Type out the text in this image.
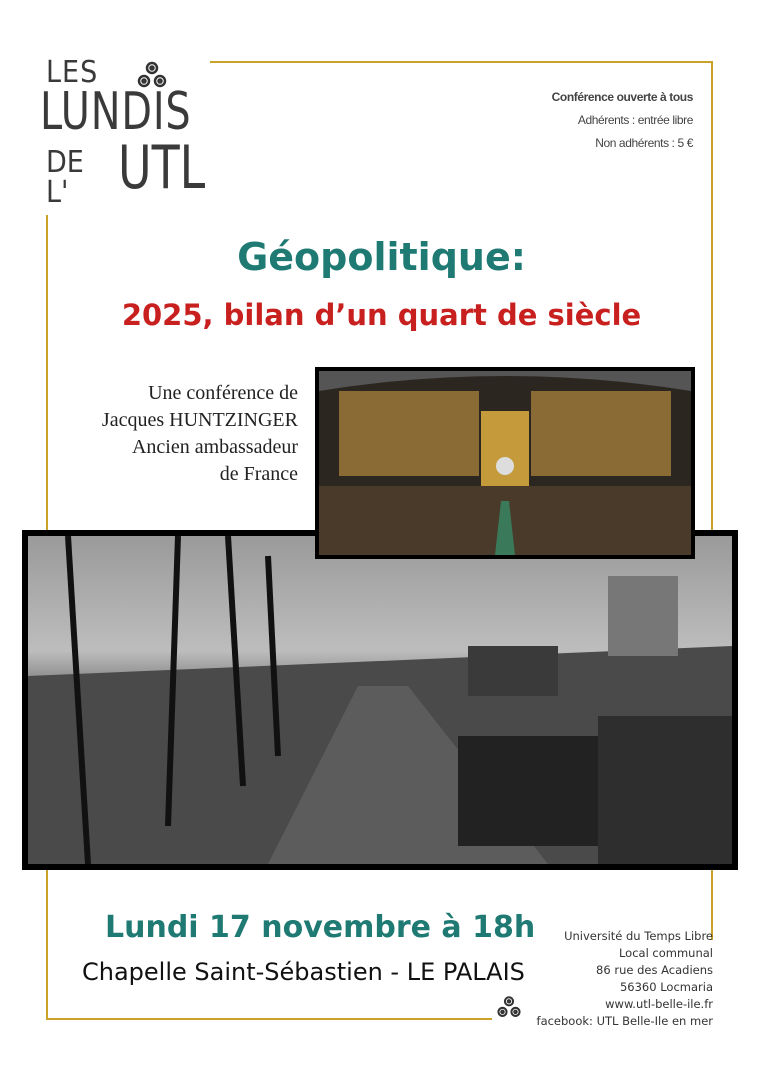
LES
LUNDIS
DE L' UTL
Conférence ouverte à tous
Adhérents : entrée libre
Non adhérents : 5 €
Géopolitique:
2025, bilan d’un quart de siècle
Une conférence de
Jacques HUNTZINGER
Ancien ambassadeur
de France
Lundi 17 novembre à 18h
Chapelle Saint-Sébastien - LE PALAIS
Université du Temps Libre
Local communal
86 rue des Acadiens
56360 Locmaria
www.utl-belle-ile.fr
facebook: UTL Belle-Ile en mer
